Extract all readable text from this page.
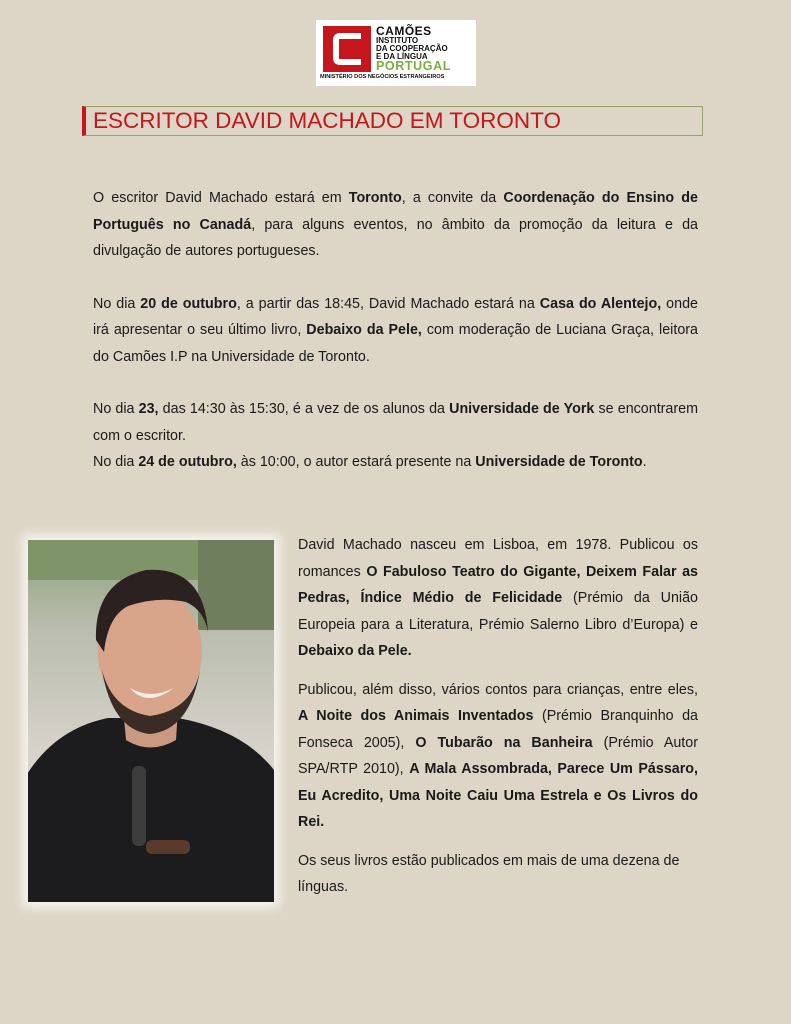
CAMÕES
INSTITUTO
DA COOPERAÇÃO
E DA LÍNGUA
PORTUGAL
MINISTÉRIO DOS NEGÓCIOS ESTRANGEIROS
ESCRITOR DAVID MACHADO EM TORONTO

O escritor David Machado estará em Toronto, a convite da Coordenação do Ensino de Português no Canadá, para alguns eventos, no âmbito da promoção da leitura e da divulgação de autores portugueses.

No dia 20 de outubro, a partir das 18:45, David Machado estará na Casa do Alentejo, onde irá apresentar o seu último livro, Debaixo da Pele, com moderação de Luciana Graça, leitora do Camões I.P na Universidade de Toronto.

No dia 23, das 14:30 às 15:30, é a vez de os alunos da Universidade de York se encontrarem com o escritor.

No dia 24 de outubro, às 10:00, o autor estará presente na Universidade de Toronto.

David Machado nasceu em Lisboa, em 1978. Publicou os romances O Fabuloso Teatro do Gigante, Deixem Falar as Pedras, Índice Médio de Felicidade (Prémio da União Europeia para a Literatura, Prémio Salerno Libro d’Europa) e Debaixo da Pele.

Publicou, além disso, vários contos para crianças, entre eles, A Noite dos Animais Inventados (Prémio Branquinho da Fonseca 2005), O Tubarão na Banheira (Prémio Autor SPA/RTP 2010), A Mala Assombrada, Parece Um Pássaro, Eu Acredito, Uma Noite Caiu Uma Estrela e Os Livros do Rei.

Os seus livros estão publicados em mais de uma dezena de línguas.
